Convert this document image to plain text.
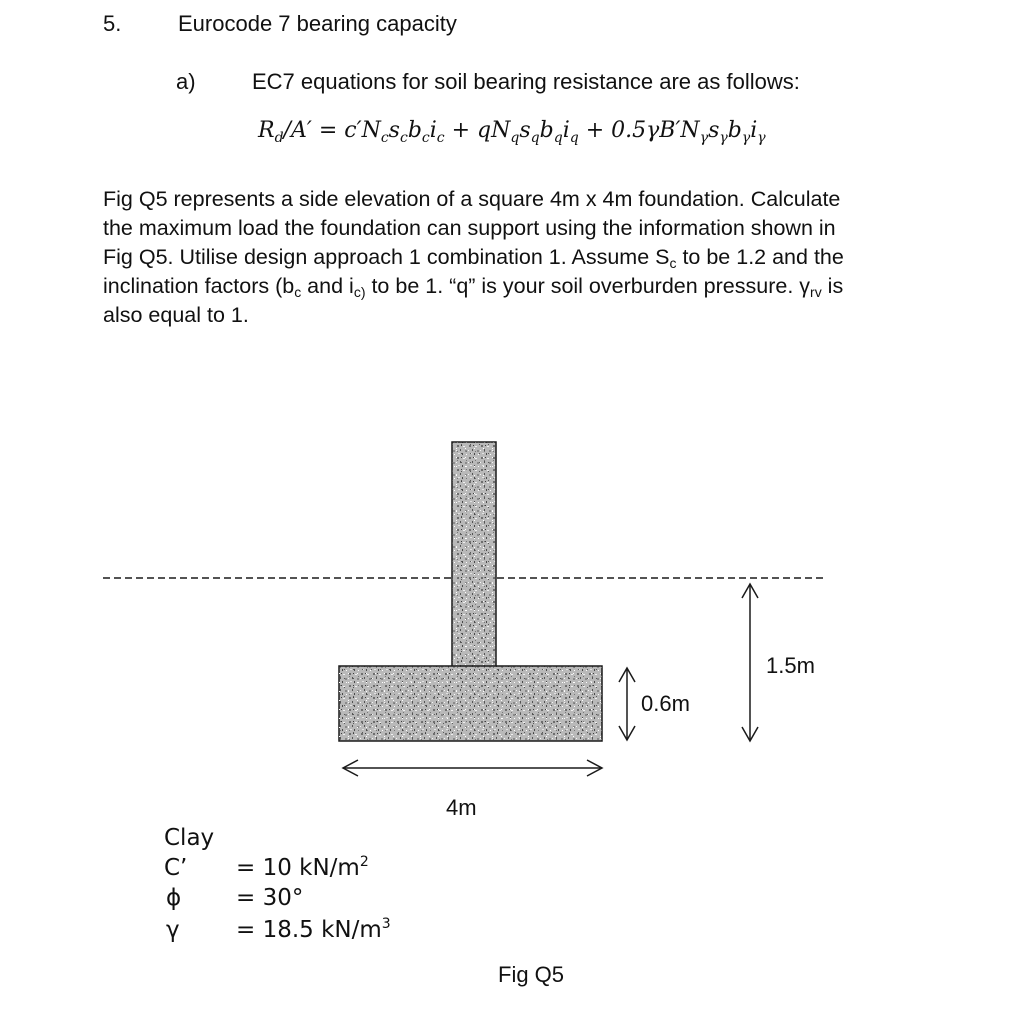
5.	Eurocode 7 bearing capacity
a)	EC7 equations for soil bearing resistance are as follows:
$R_d/A' = c'N_cs_cb_ci_c + qN_qs_qb_qi_q + 0.5\gamma B'N_\gamma s_\gamma b_\gamma i_\gamma$
Fig Q5 represents a side elevation of a square 4m x 4m foundation. Calculate
the maximum load the foundation can support using the information shown in
Fig Q5. Utilise design approach 1 combination 1. Assume $S_c$ to be 1.2 and the
inclination factors ($b_c$ and $i_{c)}$ to be 1. “q” is your soil overburden pressure. $\gamma_{rv}$ is
also equal to 1.
4m
0.6m
1.5m
Clay
C’ = 10 $kN/m^2$
ϕ = 30°
γ = 18.5 $kN/m^3$
Fig Q5
